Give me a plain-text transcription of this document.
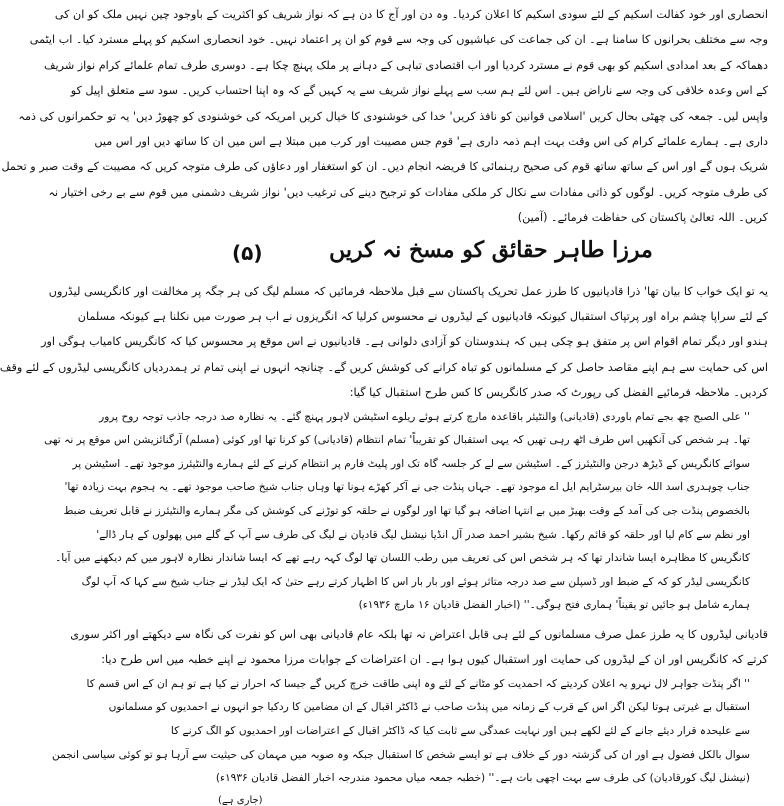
انحصاری اور خود کفالت اسکیم کے لئے سودی اسکیم کا اعلان کردیا۔ وہ دن اور آج کا دن ہے کہ نواز شریف کو اکثریت کے باوجود چین نہیں ملک کو ان کی
وجہ سے مختلف بحرانوں کا سامنا ہے۔ ان کی جماعت کی عیاشیوں کی وجہ سے قوم کو ان پر اعتماد نہیں۔ خود انحصاری اسکیم کو پہلے مسترد کیا۔ اب ایٹمی
دھماکہ کے بعد امدادی اسکیم کو بھی قوم نے مسترد کردیا اور اب اقتصادی تباہی کے دہانے پر ملک پہنچ چکا ہے۔ دوسری طرف تمام علمائے کرام نواز شریف
کے اس وعدہ خلافی کی وجہ سے ناراض ہیں۔ اس لئے ہم سب سے پہلے نواز شریف سے یہ کہیں گے کہ وہ اپنا احتساب کریں۔ سود سے متعلق اپیل کو
واپس لیں۔ جمعہ کی چھٹی بحال کریں 'اسلامی قوانین کو نافذ کریں' خدا کی خوشنودی کا خیال کریں امریکہ کی خوشنودی کو چھوڑ دیں' یہ تو حکمرانوں کی ذمہ
داری ہے۔ ہمارے علمائے کرام کی اس وقت بہت اہم ذمہ داری ہے' قوم جس مصیبت اور کرب میں مبتلا ہے اس میں ان کا ساتھ دیں اور اس میں
شریک ہوں گے اور اس کے ساتھ ساتھ قوم کی صحیح رہنمائی کا فریضہ انجام دیں۔ ان کو استغفار اور دعاؤں کی طرف متوجہ کریں کہ مصیبت کے وقت صبر و تحمل
کی طرف متوجہ کریں۔ لوگوں کو ذاتی مفادات سے نکال کر ملکی مفادات کو ترجیح دینے کی ترغیب دیں' نواز شریف دشمنی میں قوم سے بے رخی اختیار نہ
کریں۔ اللہ تعالیٰ پاکستان کی حفاظت فرمائے۔ (آمین)
مرزا طاہر حقائق کو مسخ نہ کریں
(۵)
یہ تو ایک خواب کا بیان تھا' ذرا قادیانیوں کا طرز عمل تحریک پاکستان سے قبل ملاحظہ فرمائیں کہ مسلم لیگ کی ہر جگہ پر مخالفت اور کانگریسی لیڈروں
کے لئے سراپا چشم براہ اور پرتپاک استقبال کیونکہ قادیانیوں کے لیڈروں نے محسوس کرلیا کہ انگریزوں نے اب ہر صورت میں نکلنا ہے کیونکہ مسلمان
ہندو اور دیگر تمام اقوام اس پر متفق ہو چکی ہیں کہ ہندوستان کو آزادی دلوانی ہے۔ قادیانیوں نے اس موقع پر محسوس کیا کہ کانگریس کامیاب ہوگی اور
اس کی حمایت سے ہم اپنے مقاصد حاصل کر کے مسلمانوں کو تباہ کرانے کی کوشش کریں گے۔ چنانچہ انہوں نے اپنی تمام تر ہمدردیاں کانگریسی لیڈروں کے لئے وقف
کردیں۔ ملاحظہ فرمائیے الفضل کی رپورٹ کہ صدر کانگریس کا کس طرح استقبال کیا گیا:
'' علی الصبح چھ بجے تمام باوردی (قادیانی) والنٹیئر باقاعدہ مارچ کرتے ہوئے ریلوے اسٹیشن لاہور پہنچ گئے۔ یہ نظارہ صد درجہ جاذب توجہ روح پرور
تھا۔ ہر شخص کی آنکھیں اس طرف اٹھ رہی تھیں کہ یہی استقبال کو تقریباً' تمام انتظام (قادیانی) کو کرنا تھا اور کوئی (مسلم) آرگنائزیشن اس موقع پر نہ تھی
سوائے کانگریس کے ڈیڑھ درجن والنٹیئرز کے۔ اسٹیشن سے لے کر جلسہ گاہ تک اور پلیٹ فارم پر انتظام کرنے کے لئے ہمارے والنٹیئرز موجود تھے۔ اسٹیشن پر
جناب چوہدری اسد اللہ خان بیرسٹرایم ایل اے موجود تھے۔ جہاں پنڈت جی نے آکر کھڑے ہونا تھا وہاں جناب شیخ صاحب موجود تھے۔ یہ ہجوم بہت زیادہ تھا'
بالخصوص پنڈت جی کی آمد کے وقت بھیڑ میں بے انتہا اضافہ ہو گیا تھا اور لوگوں نے حلقہ کو توڑنے کی کوشش کی مگر ہمارے والنٹیئرز نے قابل تعریف ضبط
اور نظم سے کام لیا اور حلقہ کو قائم رکھا۔ شیخ بشیر احمد صدر آل انڈیا نیشنل لیگ قادیان نے لیگ کی طرف سے آپ کے گلے میں پھولوں کے ہار ڈالے'
کانگریس کا مظاہرہ ایسا شاندار تھا کہ ہر شخص اس کی تعریف میں رطب اللسان تھا لوگ کہہ رہے تھے کہ ایسا شاندار نظارہ لاہور میں کم دیکھنے میں آیا۔
کانگریسی لیڈر کو کہ کے ضبط اور ڈسپلن سے صد درجہ متاثر ہوئے اور بار بار اس کا اظہار کرتے رہے حتیٰ کہ ایک لیڈر نے جناب شیخ سے کہا کہ آپ لوگ
ہمارے شامل ہو جائیں تو یقیناً' ہماری فتح ہوگی۔'' (اخبار الفضل قادیان ۱۶ مارچ ۱۹۳۶ء)
قادیانی لیڈروں کا یہ طرز عمل صرف مسلمانوں کے لئے ہی قابل اعتراض نہ تھا بلکہ عام قادیانی بھی اس کو نفرت کی نگاہ سے دیکھتے اور اکثر سوری
کرتے کہ کانگریس اور ان کے لیڈروں کی حمایت اور استقبال کیوں ہوا ہے۔ ان اعتراضات کے جوابات مرزا محمود نے اپنے خطبہ میں اس طرح دیا:
'' اگر پنڈت جواہر لال نہرو یہ اعلان کردیتے کہ احمدیت کو مٹانے کے لئے وہ اپنی طاقت خرچ کریں گے جیسا کہ احرار نے کیا ہے تو ہم ان کے اس قسم کا
استقبال بے غیرتی ہوتا لیکن اگر اس کے قرب کے زمانہ میں پنڈت صاحب نے ڈاکٹر اقبال کے ان مضامین کا ردکیا جو انہوں نے احمدیوں کو مسلمانوں
سے علیحدہ قرار دیئے جانے کے لئے لکھے ہیں اور نہایت عمدگی سے ثابت کیا کہ ڈاکٹر اقبال کے اعتراضات اور احمدیوں کو الگ کرنے کا
سوال بالکل فضول ہے اور ان کی گزشتہ دور کے خلاف ہے تو ایسے شخص کا استقبال جبکہ وہ صوبہ میں مہمان کی حیثیت سے آرہا ہو تو کوئی سیاسی انجمن
(نیشنل لیگ کورقادیان) کی طرف سے بہت اچھی بات ہے۔'' (خطبہ جمعہ میاں محمود مندرجہ اخبار الفضل قادیان ۱۹۳۶ء)
(جاری ہے)
